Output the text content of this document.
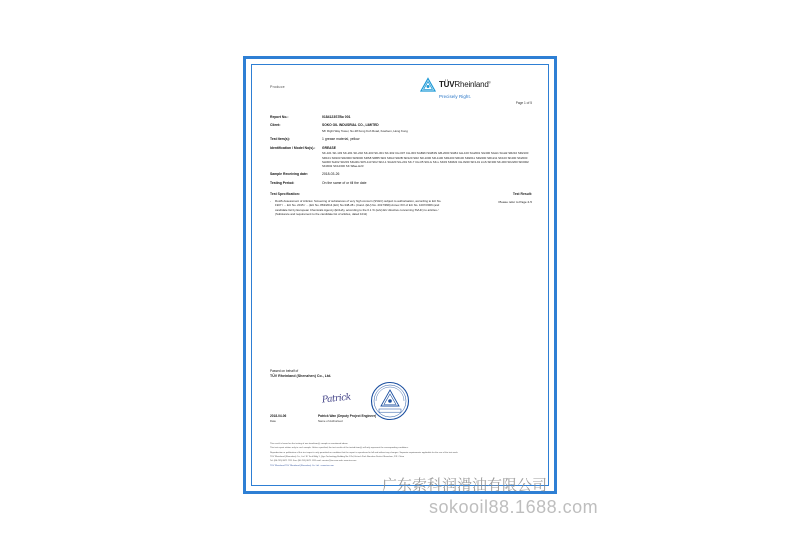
Produce	TÜVRheinland®
Precisely Right.
Page 1 of 5
Report No.:	0184123S7Bo 001
Client:	SOKO OIL INDUSRIAL CO., LIMITED
5/F Right Way Tower, No.28 Kong Koh Road, Kowloon, Hong Kong
Test Item(s):	1 grease material, yellow
Identification / Model No(s).:	GREASE
SK-101 SK-103 SK-201 SK-202 SK-203 SK-301 SK-302 CH-007 CH-303 SGB2N SGB3N GB-2000 SGB4 GH-100 SG2001 SG300 SGH1 SGH2 SR210 SR2100 SR101 SR103 SR2000 SR3000 SRS8 SRB5 SR2 SRA3 SR2B SR120 SR2 SR-1000 SR-1100 SR1200 SR100 SR2011 SR2200 SR1211 SK103 SK200 SK2000 SH300 SHO2 SK203 SKH3G SK5-113 SK2 SK2-1 SG220 SG-201 SK-7 CH-05 SKLG SK-L SK03 SKM22 CH-8220 SK3-01 LGS SK300 SK-000 SK2200 SK0002 SK3002 SK12300 SK S8ae-H23
Sample Receiving date:	2018-03-26
Testing Period:	On the same of or till the date
Test Specification:	Test Result:
- RoHS Assessment of Articles: Screening of substances of very high concern (SVHC) subject to authorisation, according to EU No. 1907 / ... EU No. 2015 / ... (EU No. 863/2014 (EU) No.348-28 • (Cand. (EU) No. 2017/999) Annex XIV of EC No. 1007/2006 (and candidate list by European Chemicals Agency (ECHA), according to the 0.1 % (w/w) EU directive concerning SVHC) to articles / (Substance and requirement to the candidate list of articles, dated 1011)
Please refer to Page 2-5
Passed on behalf of
TÜV Rheinland (Shenzhen) Co., Ltd.
Patrick
2018-04-06	Patrick Wan (Deputy Project Engineer)
Date	Name of Authorised

This result is based on the testing of one item/item(s) sample as mentioned above.

This test report relates only to such sample. Unless specified, the test results of the tested item(s) will only represent the corresponding conditions.

Reproduction or publication of this test report is only permitted on condition that the report is reproduced in full and without any changes. Separate requirements applicable for the use of the test mark.

TÜV Rheinland (Shenzhen) Co., Ltd. 1F Tech Bldg 1, Qiya Technology Building No.1 Rd, Hi-tech Park Nanshan District Shenzhen, P.R. China

Tel: (86-755) 8671 7111 Fax: (86-755) 8671 1111 mail: service@tuv.com web: www.tuv.com

TÜV Rheinland TÜV Rheinland (Shenzhen) Co. Ltd. • www.tuv.com

广东索科润滑油有限公司
sokooil88.1688.com
